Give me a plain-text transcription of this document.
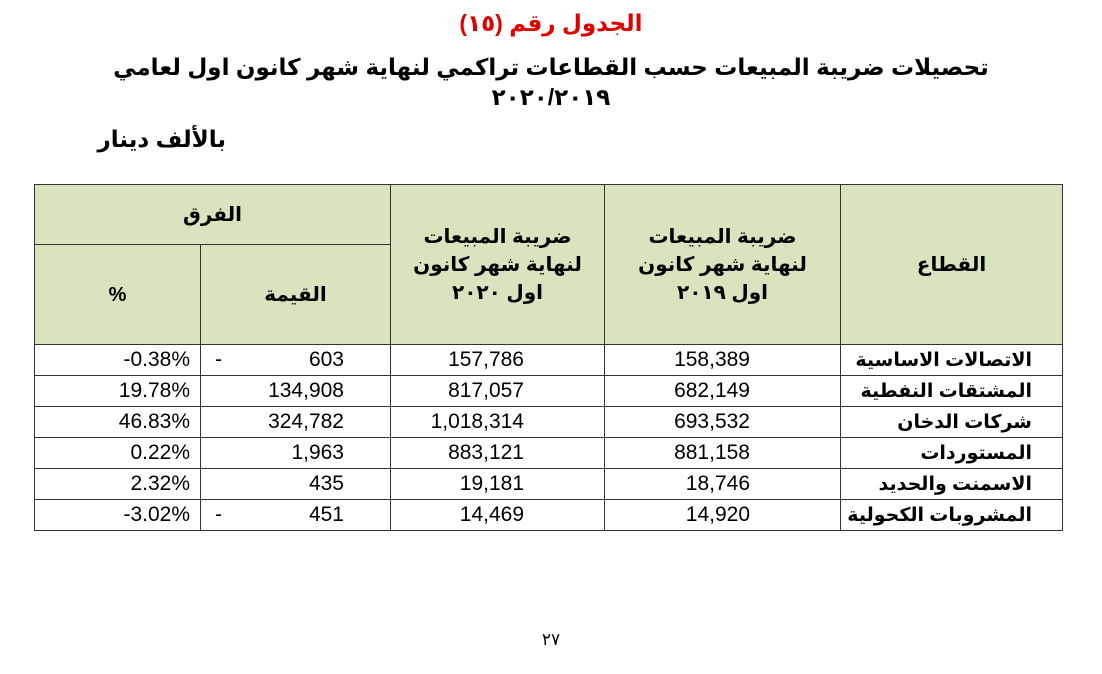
الجدول رقم (١٥)
تحصيلات ضريبة المبيعات حسب القطاعات تراكمي لنهاية شهر كانون اول لعامي
٢٠٢٠/٢٠١٩
بالألف دينار
القطاع	ضريبة المبيعات لنهاية شهر كانون اول ٢٠١٩	ضريبة المبيعات لنهاية شهر كانون اول ٢٠٢٠	الفرق	
			القيمة	%
الاتصالات الاساسية	158,389	157,786	- 603	-0.38%
المشتقات النفطية	682,149	817,057	134,908	19.78%
شركات الدخان	693,532	1,018,314	324,782	46.83%
المستوردات	881,158	883,121	1,963	0.22%
الاسمنت والحديد	18,746	19,181	435	2.32%
المشروبات الكحولية	14,920	14,469	- 451	-3.02%
٢٧
